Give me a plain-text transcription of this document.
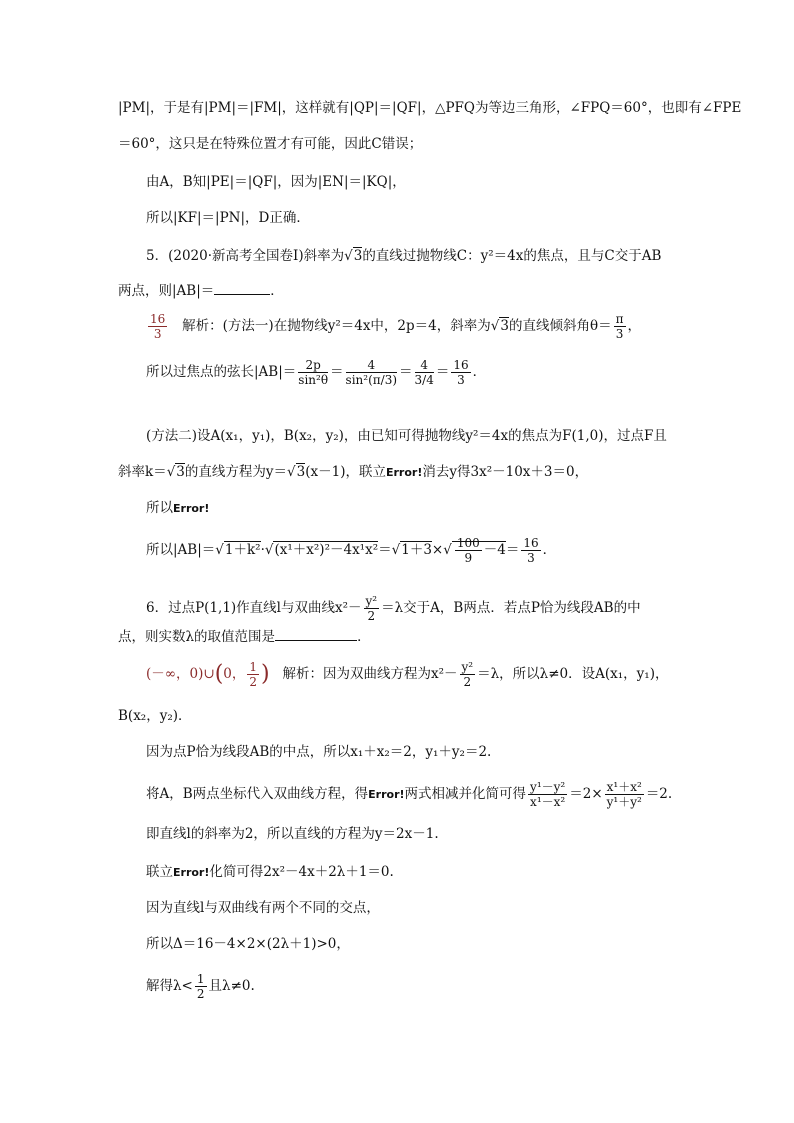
|PM|，于是有|PM|＝|FM|，这样就有|QP|＝|QF|，△PFQ为等边三角形，∠FPQ＝60°，也即有∠FPE
＝60°，这只是在特殊位置才有可能，因此C错误；
由A，B知|PE|＝|QF|，因为|EN|＝|KQ|，
所以|KF|＝|PN|，D正确．
5．(2020·新高考全国卷Ⅰ)斜率为√3的直线过抛物线C：y²＝4x的焦点，且与C交于AB
两点，则|AB|＝	．
$\frac{16}{3}$ 解析：(方法一)在抛物线y²＝4x中，2p＝4，斜率为√3的直线倾斜角$\theta= \frac{\pi}{3}$ ，
所以过焦点的弦长$|AB|= \frac{2p}{\text{sin²θ}} = \frac{4}{\text{sin²(π/3)}} = \frac{4}{3/4} = \frac{16}{3}$ ．
(方法二)设A(x₁，y₁)，B(x₂，y₂)，由已知可得抛物线y²＝4x的焦点为F(1,0)，过点F且
斜率k＝√3的直线方程为y＝√3(x－1)，联立Error!消去y得3x²－10x＋3＝0，
所以Error!
所以$|AB|=√1+k^2\cdot√(x^1+x^2)^2-4x^1x^2=√1+3\times√ \frac{100}{9} -4= \frac{16}{3}$ ．
6．过点P(1,1)作直线l与双曲线$x^2- \frac{\text{y²}}{2} =\lambda$交于A，B两点．若点P恰为线段AB的中
点，则实数λ的取值范围是	．
(－∞，0)∪(0， $\frac{1}{2}$ ) 解析：因为双曲线方程为$x^2- \frac{\text{y²}}{2} =\lambda$，所以λ≠0．设A(x₁，y₁)，
B(x₂，y₂)．
因为点P恰为线段AB的中点，所以x₁＋x₂＝2，y₁＋y₂＝2.
将A，B两点坐标代入双曲线方程，得Error!两式相减并化简可得 $\frac{\text{y¹－y²}}{\text{x¹－x²}} =2\times \frac{\text{x¹＋x²}}{\text{y¹＋y²}} =2$.
即直线l的斜率为2，所以直线的方程为y＝2x－1.
联立Error!化简可得2x²－4x＋2λ＋1＝0.
因为直线l与双曲线有两个不同的交点，
所以Δ＝16－4×2×(2λ＋1)>0，
解得$\lambda< \frac{1}{2}$ 且λ≠0.
